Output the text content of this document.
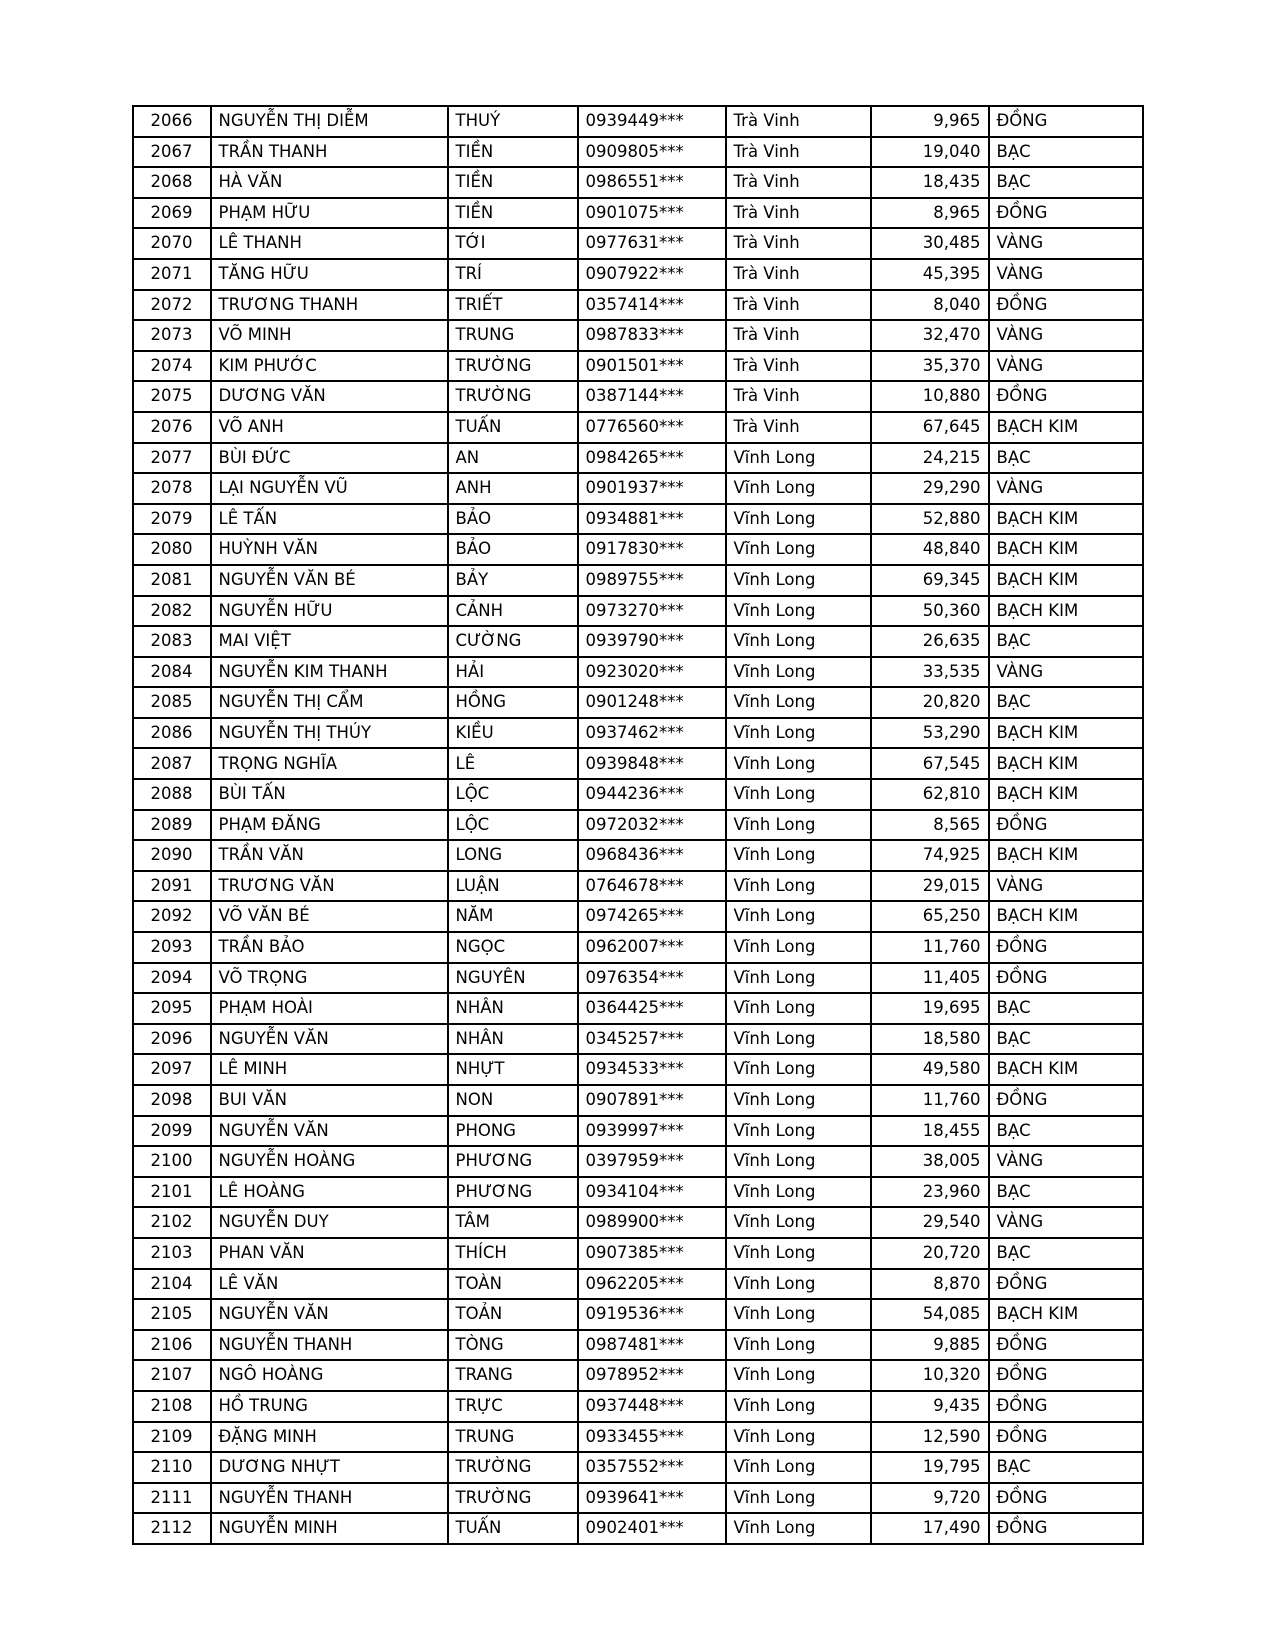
2066	NGUYỄN THỊ DIỄM	THUÝ	0939449***	Trà Vinh	9,965	ĐỒNG
2067	TRẦN THANH	TIỀN	0909805***	Trà Vinh	19,040	BẠC
2068	HÀ VĂN	TIỀN	0986551***	Trà Vinh	18,435	BẠC
2069	PHẠM HỮU	TIỀN	0901075***	Trà Vinh	8,965	ĐỒNG
2070	LÊ THANH	TỚI	0977631***	Trà Vinh	30,485	VÀNG
2071	TĂNG HỮU	TRÍ	0907922***	Trà Vinh	45,395	VÀNG
2072	TRƯƠNG THANH	TRIẾT	0357414***	Trà Vinh	8,040	ĐỒNG
2073	VÕ MINH	TRUNG	0987833***	Trà Vinh	32,470	VÀNG
2074	KIM PHƯỚC	TRƯỜNG	0901501***	Trà Vinh	35,370	VÀNG
2075	DƯƠNG VĂN	TRƯỜNG	0387144***	Trà Vinh	10,880	ĐỒNG
2076	VÕ ANH	TUẤN	0776560***	Trà Vinh	67,645	BẠCH KIM
2077	BÙI ĐỨC	AN	0984265***	Vĩnh Long	24,215	BẠC
2078	LẠI NGUYỄN VŨ	ANH	0901937***	Vĩnh Long	29,290	VÀNG
2079	LÊ TẤN	BẢO	0934881***	Vĩnh Long	52,880	BẠCH KIM
2080	HUỲNH VĂN	BẢO	0917830***	Vĩnh Long	48,840	BẠCH KIM
2081	NGUYỄN VĂN BÉ	BẢY	0989755***	Vĩnh Long	69,345	BẠCH KIM
2082	NGUYỄN HỮU	CẢNH	0973270***	Vĩnh Long	50,360	BẠCH KIM
2083	MAI VIỆT	CƯỜNG	0939790***	Vĩnh Long	26,635	BẠC
2084	NGUYỄN KIM THANH	HẢI	0923020***	Vĩnh Long	33,535	VÀNG
2085	NGUYỄN THỊ CẨM	HỒNG	0901248***	Vĩnh Long	20,820	BẠC
2086	NGUYỄN THỊ THÚY	KIỀU	0937462***	Vĩnh Long	53,290	BẠCH KIM
2087	TRỌNG NGHĨA	LÊ	0939848***	Vĩnh Long	67,545	BẠCH KIM
2088	BÙI TẤN	LỘC	0944236***	Vĩnh Long	62,810	BẠCH KIM
2089	PHẠM ĐĂNG	LỘC	0972032***	Vĩnh Long	8,565	ĐỒNG
2090	TRẦN VĂN	LONG	0968436***	Vĩnh Long	74,925	BẠCH KIM
2091	TRƯƠNG VĂN	LUẬN	0764678***	Vĩnh Long	29,015	VÀNG
2092	VÕ VĂN BÉ	NĂM	0974265***	Vĩnh Long	65,250	BẠCH KIM
2093	TRẦN BẢO	NGỌC	0962007***	Vĩnh Long	11,760	ĐỒNG
2094	VÕ TRỌNG	NGUYÊN	0976354***	Vĩnh Long	11,405	ĐỒNG
2095	PHẠM HOÀI	NHÂN	0364425***	Vĩnh Long	19,695	BẠC
2096	NGUYỄN VĂN	NHÂN	0345257***	Vĩnh Long	18,580	BẠC
2097	LÊ MINH	NHỰT	0934533***	Vĩnh Long	49,580	BẠCH KIM
2098	BUI VĂN	NON	0907891***	Vĩnh Long	11,760	ĐỒNG
2099	NGUYỄN VĂN	PHONG	0939997***	Vĩnh Long	18,455	BẠC
2100	NGUYỄN HOÀNG	PHƯƠNG	0397959***	Vĩnh Long	38,005	VÀNG
2101	LÊ HOÀNG	PHƯƠNG	0934104***	Vĩnh Long	23,960	BẠC
2102	NGUYỄN DUY	TÂM	0989900***	Vĩnh Long	29,540	VÀNG
2103	PHAN VĂN	THÍCH	0907385***	Vĩnh Long	20,720	BẠC
2104	LÊ VĂN	TOÀN	0962205***	Vĩnh Long	8,870	ĐỒNG
2105	NGUYỄN VĂN	TOẢN	0919536***	Vĩnh Long	54,085	BẠCH KIM
2106	NGUYỄN THANH	TÒNG	0987481***	Vĩnh Long	9,885	ĐỒNG
2107	NGÔ HOÀNG	TRANG	0978952***	Vĩnh Long	10,320	ĐỒNG
2108	HỒ TRUNG	TRỰC	0937448***	Vĩnh Long	9,435	ĐỒNG
2109	ĐẶNG MINH	TRUNG	0933455***	Vĩnh Long	12,590	ĐỒNG
2110	DƯƠNG NHỰT	TRƯỜNG	0357552***	Vĩnh Long	19,795	BẠC
2111	NGUYỄN THANH	TRƯỜNG	0939641***	Vĩnh Long	9,720	ĐỒNG
2112	NGUYỄN MINH	TUẤN	0902401***	Vĩnh Long	17,490	ĐỒNG
